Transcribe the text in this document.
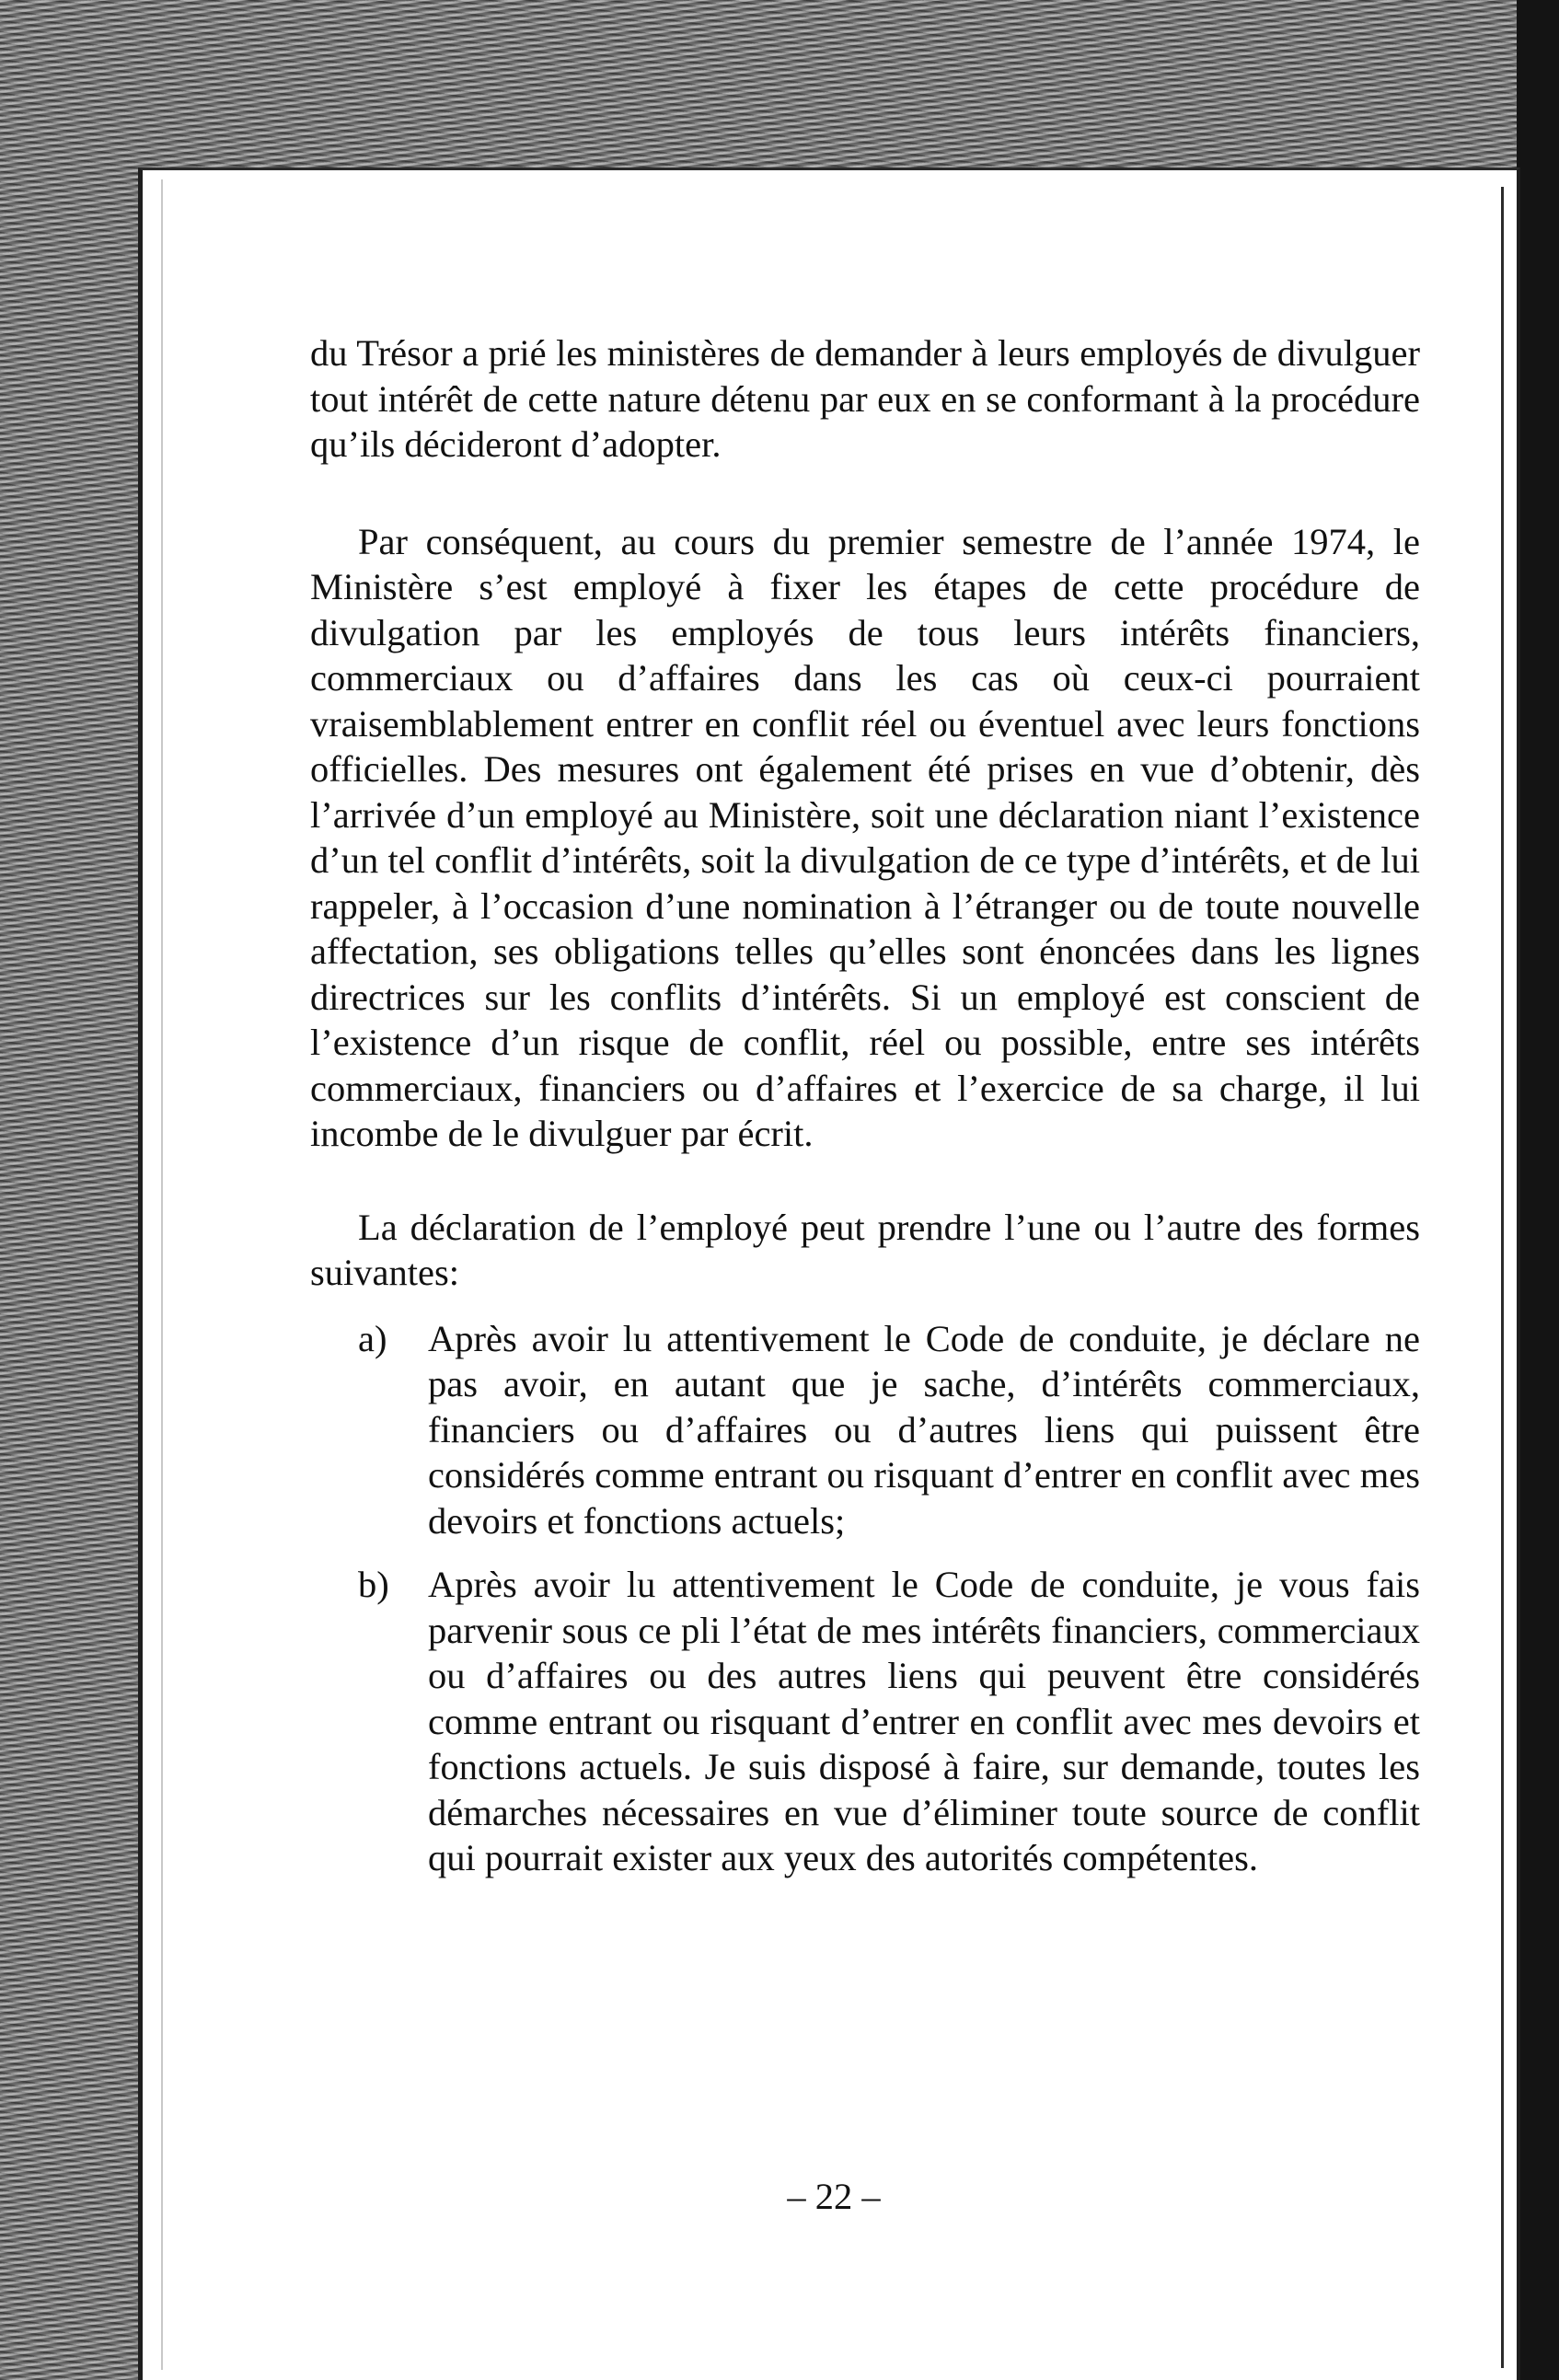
du Trésor a prié les ministères de demander à leurs employés de divulguer tout intérêt de cette nature détenu par eux en se conformant à la procédure qu’ils décideront d’adopter.

Par conséquent, au cours du premier semestre de l’année 1974, le Ministère s’est employé à fixer les étapes de cette procédure de divulgation par les employés de tous leurs intérêts financiers, commerciaux ou d’affaires dans les cas où ceux-ci pourraient vraisemblablement entrer en conflit réel ou éventuel avec leurs fonctions officielles. Des mesures ont également été prises en vue d’obtenir, dès l’arrivée d’un employé au Ministère, soit une déclaration niant l’existence d’un tel conflit d’intérêts, soit la divulgation de ce type d’intérêts, et de lui rappeler, à l’occasion d’une nomination à l’étranger ou de toute nouvelle affectation, ses obligations telles qu’elles sont énoncées dans les lignes directrices sur les conflits d’intérêts. Si un employé est conscient de l’existence d’un risque de conflit, réel ou possible, entre ses intérêts commerciaux, financiers ou d’affaires et l’exercice de sa charge, il lui incombe de le divulguer par écrit.

La déclaration de l’employé peut prendre l’une ou l’autre des formes suivantes:

a)	Après avoir lu attentivement le Code de conduite, je déclare ne pas avoir, en autant que je sache, d’intérêts commerciaux, financiers ou d’affaires ou d’autres liens qui puissent être considérés comme entrant ou risquant d’entrer en conflit avec mes devoirs et fonctions actuels;
b)	Après avoir lu attentivement le Code de conduite, je vous fais parvenir sous ce pli l’état de mes intérêts financiers, commerciaux ou d’affaires ou des autres liens qui peuvent être considérés comme entrant ou risquant d’entrer en conflit avec mes devoirs et fonctions actuels. Je suis disposé à faire, sur demande, toutes les démarches nécessaires en vue d’éliminer toute source de conflit qui pourrait exister aux yeux des autorités compétentes.
– 22 –
